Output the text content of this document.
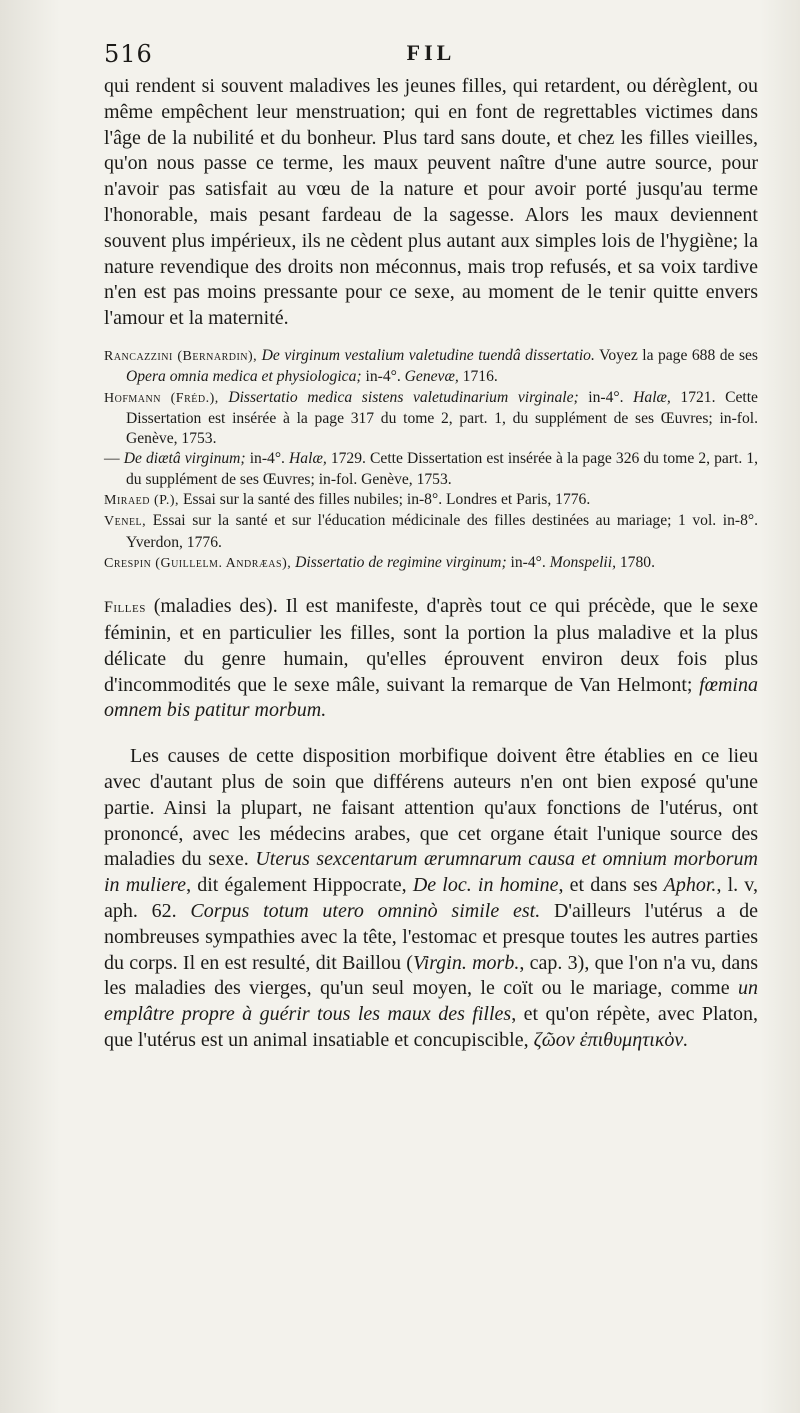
516	FIL

qui rendent si souvent maladives les jeunes filles, qui retardent, ou dérèglent, ou même empêchent leur menstruation; qui en font de regrettables victimes dans l'âge de la nubilité et du bonheur. Plus tard sans doute, et chez les filles vieilles, qu'on nous passe ce terme, les maux peuvent naître d'une autre source, pour n'avoir pas satisfait au vœu de la nature et pour avoir porté jusqu'au terme l'honorable, mais pesant fardeau de la sagesse. Alors les maux deviennent souvent plus impérieux, ils ne cèdent plus autant aux simples lois de l'hygiène; la nature revendique des droits non méconnus, mais trop refusés, et sa voix tardive n'en est pas moins pressante pour ce sexe, au moment de le tenir quitte envers l'amour et la maternité.

Rancazzini (Bernardin), De virginum vestalium valetudine tuendâ dissertatio. Voyez la page 688 de ses Opera omnia medica et physiologica; in-4°. Genevæ, 1716.

Hofmann (Fréd.), Dissertatio medica sistens valetudinarium virginale; in-4°. Halæ, 1721. Cette Dissertation est insérée à la page 317 du tome 2, part. 1, du supplément de ses Œuvres; in-fol. Genève, 1753.

— De diætâ virginum; in-4°. Halæ, 1729. Cette Dissertation est insérée à la page 326 du tome 2, part. 1, du supplément de ses Œuvres; in-fol. Genève, 1753.

Miraed (P.), Essai sur la santé des filles nubiles; in-8°. Londres et Paris, 1776.

Venel, Essai sur la santé et sur l'éducation médicinale des filles destinées au mariage; 1 vol. in-8°. Yverdon, 1776.

Crespin (Guillelm. Andræas), Dissertatio de regimine virginum; in-4°. Monspelii, 1780.

Filles (maladies des). Il est manifeste, d'après tout ce qui précède, que le sexe féminin, et en particulier les filles, sont la portion la plus maladive et la plus délicate du genre humain, qu'elles éprouvent environ deux fois plus d'incommodités que le sexe mâle, suivant la remarque de Van Helmont; fœmina omnem bis patitur morbum.

Les causes de cette disposition morbifique doivent être établies en ce lieu avec d'autant plus de soin que différens auteurs n'en ont bien exposé qu'une partie. Ainsi la plupart, ne faisant attention qu'aux fonctions de l'utérus, ont prononcé, avec les médecins arabes, que cet organe était l'unique source des maladies du sexe. Uterus sexcentarum ærumnarum causa et omnium morborum in muliere, dit également Hippocrate, De loc. in homine, et dans ses Aphor., l. v, aph. 62. Corpus totum utero omninò simile est. D'ailleurs l'utérus a de nombreuses sympathies avec la tête, l'estomac et presque toutes les autres parties du corps. Il en est resulté, dit Baillou (Virgin. morb., cap. 3), que l'on n'a vu, dans les maladies des vierges, qu'un seul moyen, le coït ou le mariage, comme un emplâtre propre à guérir tous les maux des filles, et qu'on répète, avec Platon, que l'utérus est un animal insatiable et concupiscible, ζῶον ἐπιθυμητικὸν.
